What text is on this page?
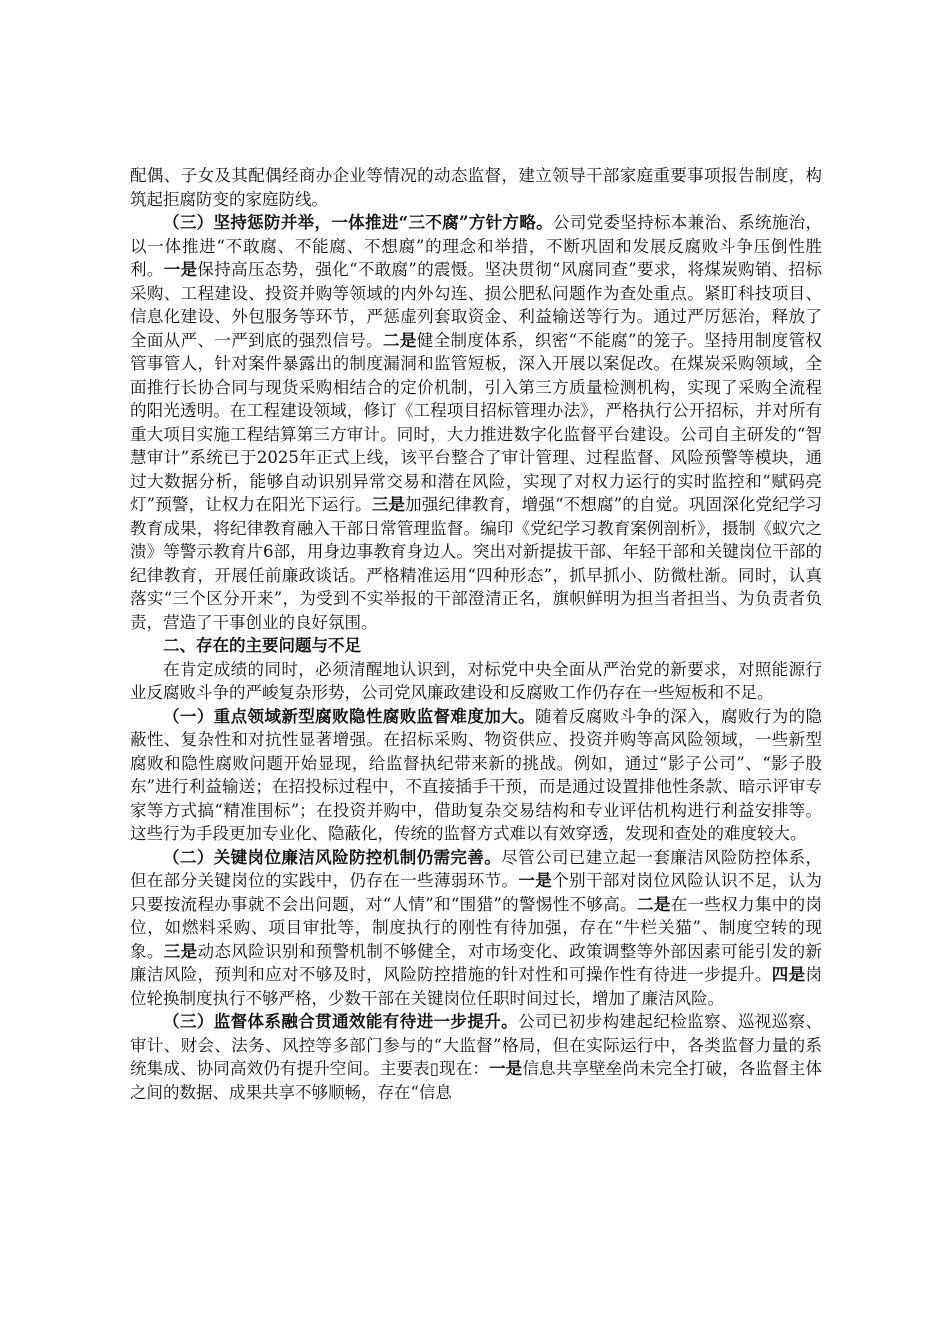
配偶、子女及其配偶经商办企业等情况的动态监督，建立领导干部家庭重要事项报告制度，构筑起拒腐防变的家庭防线。

（三）坚持惩防并举，一体推进“三不腐”方针方略。公司党委坚持标本兼治、系统施治，以一体推进“不敢腐、不能腐、不想腐”的理念和举措，不断巩固和发展反腐败斗争压倒性胜利。一是保持高压态势，强化“不敢腐”的震慑。坚决贯彻“风腐同查”要求，将煤炭购销、招标采购、工程建设、投资并购等领域的内外勾连、损公肥私问题作为查处重点。紧盯科技项目、信息化建设、外包服务等环节，严惩虚列套取资金、利益输送等行为。通过严厉惩治，释放了全面从严、一严到底的强烈信号。二是健全制度体系，织密“不能腐”的笼子。坚持用制度管权管事管人，针对案件暴露出的制度漏洞和监管短板，深入开展以案促改。在煤炭采购领域，全面推行长协合同与现货采购相结合的定价机制，引入第三方质量检测机构，实现了采购全流程的阳光透明。在工程建设领域，修订《工程项目招标管理办法》，严格执行公开招标，并对所有重大项目实施工程结算第三方审计。同时，大力推进数字化监督平台建设。公司自主研发的“智慧审计”系统已于2025年正式上线，该平台整合了审计管理、过程监督、风险预警等模块，通过大数据分析，能够自动识别异常交易和潜在风险，实现了对权力运行的实时监控和“赋码亮灯”预警，让权力在阳光下运行。三是加强纪律教育，增强“不想腐”的自觉。巩固深化党纪学习教育成果，将纪律教育融入干部日常管理监督。编印《党纪学习教育案例剖析》，摄制《蚁穴之溃》等警示教育片6部，用身边事教育身边人。突出对新提拔干部、年轻干部和关键岗位干部的纪律教育，开展任前廉政谈话。严格精准运用“四种形态”，抓早抓小、防微杜渐。同时，认真落实“三个区分开来”，为受到不实举报的干部澄清正名，旗帜鲜明为担当者担当、为负责者负责，营造了干事创业的良好氛围。

二、存在的主要问题与不足

在肯定成绩的同时，必须清醒地认识到，对标党中央全面从严治党的新要求，对照能源行业反腐败斗争的严峻复杂形势，公司党风廉政建设和反腐败工作仍存在一些短板和不足。

（一）重点领域新型腐败隐性腐败监督难度加大。随着反腐败斗争的深入，腐败行为的隐蔽性、复杂性和对抗性显著增强。在招标采购、物资供应、投资并购等高风险领域，一些新型腐败和隐性腐败问题开始显现，给监督执纪带来新的挑战。例如，通过“影子公司”、“影子股东”进行利益输送；在招投标过程中，不直接插手干预，而是通过设置排他性条款、暗示评审专家等方式搞“精准围标”；在投资并购中，借助复杂交易结构和专业评估机构进行利益安排等。这些行为手段更加专业化、隐蔽化，传统的监督方式难以有效穿透，发现和查处的难度较大。

（二）关键岗位廉洁风险防控机制仍需完善。尽管公司已建立起一套廉洁风险防控体系，但在部分关键岗位的实践中，仍存在一些薄弱环节。一是个别干部对岗位风险认识不足，认为只要按流程办事就不会出问题，对“人情”和“围猎”的警惕性不够高。二是在一些权力集中的岗位，如燃料采购、项目审批等，制度执行的刚性有待加强，存在“牛栏关猫”、制度空转的现象。三是动态风险识别和预警机制不够健全，对市场变化、政策调整等外部因素可能引发的新廉洁风险，预判和应对不够及时，风险防控措施的针对性和可操作性有待进一步提升。四是岗位轮换制度执行不够严格，少数干部在关键岗位任职时间过长，增加了廉洁风险。

（三）监督体系融合贯通效能有待进一步提升。公司已初步构建起纪检监察、巡视巡察、审计、财会、法务、风控等多部门参与的“大监督”格局，但在实际运行中，各类监督力量的系统集成、协同高效仍有提升空间。主要表▯现在：一是信息共享壁垒尚未完全打破，各监督主体之间的数据、成果共享不够顺畅，存在“信息
